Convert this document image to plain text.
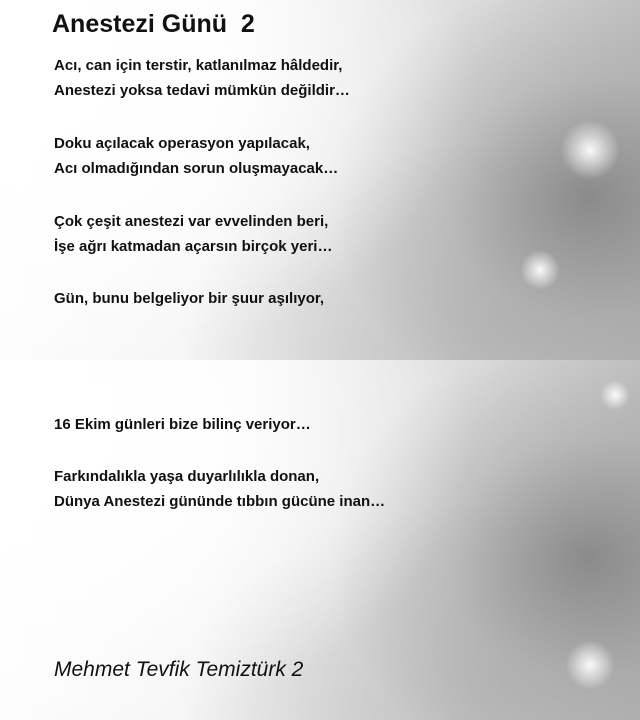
Anestezi Günü  2
Acı, can için terstir, katlanılmaz hâldedir,
Anestezi yoksa tedavi mümkün değildir…
Doku açılacak operasyon yapılacak,
Acı olmadığından sorun oluşmayacak…
Çok çeşit anestezi var evvelinden beri,
İşe ağrı katmadan açarsın birçok yeri…
Gün, bunu belgeliyor bir şuur aşılıyor,
16 Ekim günleri bize bilinç veriyor…
Farkındalıkla yaşa duyarlılıkla donan,
Dünya Anestezi gününde tıbbın gücüne inan…

Mehmet Tevfik Temiztürk 2
